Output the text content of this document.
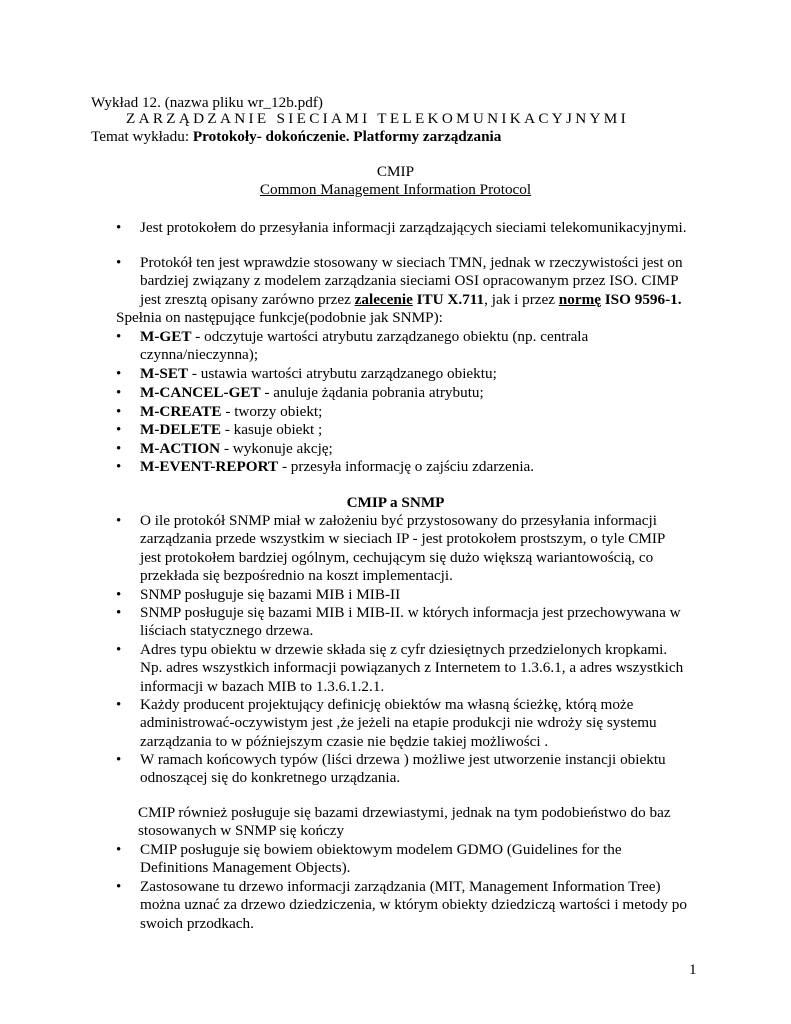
Wykład 12. (nazwa pliku wr_12b.pdf)
ZARZĄDZANIE SIECIAMI TELEKOMUNIKACYJNYMI
Temat wykładu: Protokoły- dokończenie. Platformy zarządzania
CMIP
Common Management Information Protocol
• Jest protokołem do przesyłania informacji zarządzających sieciami telekomunikacyjnymi.
• Protokół ten jest wprawdzie stosowany w sieciach TMN, jednak w rzeczywistości jest on
bardziej związany z modelem zarządzania sieciami OSI opracowanym przez ISO. CIMP
jest zresztą opisany zarówno przez zalecenie ITU X.711, jak i przez normę ISO 9596-1.
Spełnia on następujące funkcje(podobnie jak SNMP):
• M-GET - odczytuje wartości atrybutu zarządzanego obiektu (np. centrala
czynna/nieczynna);
• M-SET - ustawia wartości atrybutu zarządzanego obiektu;
• M-CANCEL-GET - anuluje żądania pobrania atrybutu;
• M-CREATE - tworzy obiekt;
• M-DELETE - kasuje obiekt ;
• M-ACTION - wykonuje akcję;
• M-EVENT-REPORT - przesyła informację o zajściu zdarzenia.
CMIP a SNMP
• O ile protokół SNMP miał w założeniu być przystosowany do przesyłania informacji
zarządzania przede wszystkim w sieciach IP - jest protokołem prostszym, o tyle CMIP
jest protokołem bardziej ogólnym, cechującym się dużo większą wariantowością, co
przekłada się bezpośrednio na koszt implementacji.
• SNMP posługuje się bazami MIB i MIB-II
• SNMP posługuje się bazami MIB i MIB-II. w których informacja jest przechowywana w
liściach statycznego drzewa.
• Adres typu obiektu w drzewie składa się z cyfr dziesiętnych przedzielonych kropkami.
Np. adres wszystkich informacji powiązanych z Internetem to 1.3.6.1, a adres wszystkich
informacji w bazach MIB to 1.3.6.1.2.1.
• Każdy producent projektujący definicję obiektów ma własną ścieżkę, którą może
administrować-oczywistym jest ,że jeżeli na etapie produkcji nie wdroży się systemu
zarządzania to w późniejszym czasie nie będzie takiej możliwości .
• W ramach końcowych typów (liści drzewa ) możliwe jest utworzenie instancji obiektu
odnoszącej się do konkretnego urządzania.
CMIP również posługuje się bazami drzewiastymi, jednak na tym podobieństwo do baz
stosowanych w SNMP się kończy
• CMIP posługuje się bowiem obiektowym modelem GDMO (Guidelines for the
Definitions Management Objects).
• Zastosowane tu drzewo informacji zarządzania (MIT, Management Information Tree)
można uznać za drzewo dziedziczenia, w którym obiekty dziedziczą wartości i metody po
swoich przodkach.
1
